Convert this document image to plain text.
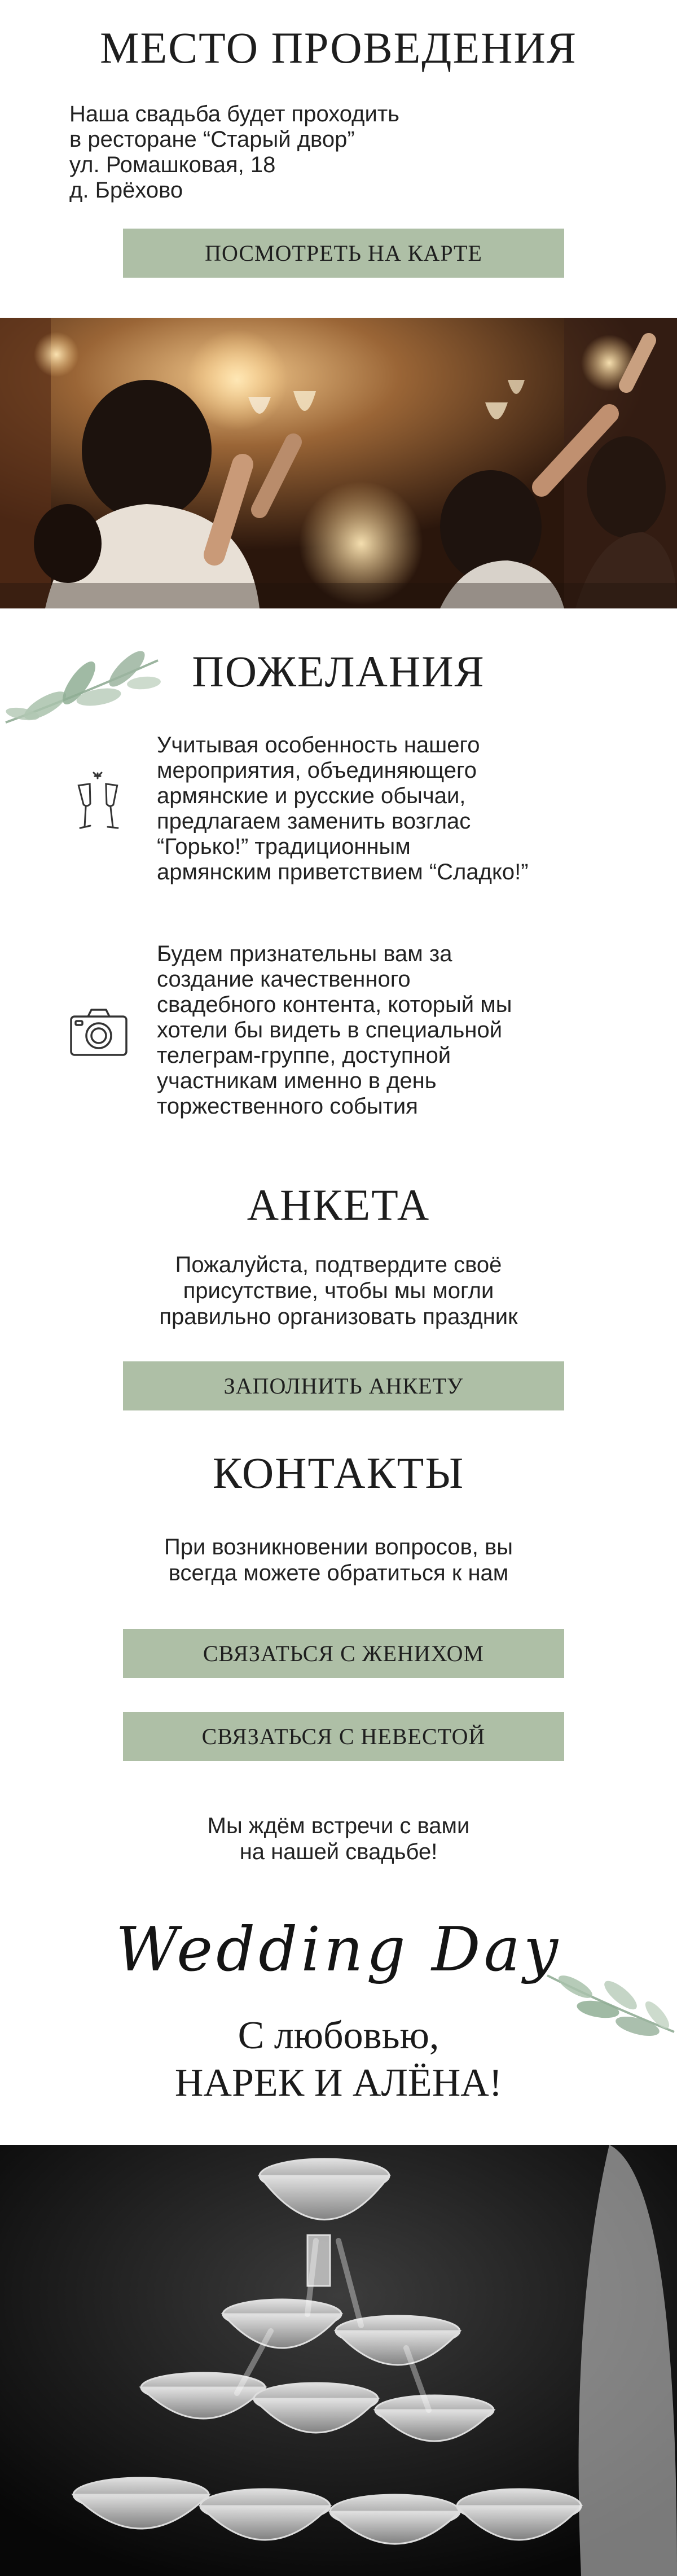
МЕСТО ПРОВЕДЕНИЯ
Наша свадьба будет проходить
в ресторане “Старый двор”
ул. Ромашковая, 18
д. Брёхово
ПОСМОТРЕТЬ НА КАРТЕ
ПОЖЕЛАНИЯ
Учитывая особенность нашего
мероприятия, объединяющего
армянские и русские обычаи,
предлагаем заменить возглас
“Горько!” традиционным
армянским приветствием “Сладко!”
Будем признательны вам за
создание качественного
свадебного контента, который мы
хотели бы видеть в специальной
телеграм-группе, доступной
участникам именно в день
торжественного события
АНКЕТА
Пожалуйста, подтвердите своё
присутствие, чтобы мы могли
правильно организовать праздник
ЗАПОЛНИТЬ АНКЕТУ
КОНТАКТЫ
При возникновении вопросов, вы
всегда можете обратиться к нам
СВЯЗАТЬСЯ С ЖЕНИХОМ
СВЯЗАТЬСЯ С НЕВЕСТОЙ
Мы ждём встречи с вами
на нашей свадьбе!
Wedding Day
С любовью,
НАРЕК И АЛЁНА!
